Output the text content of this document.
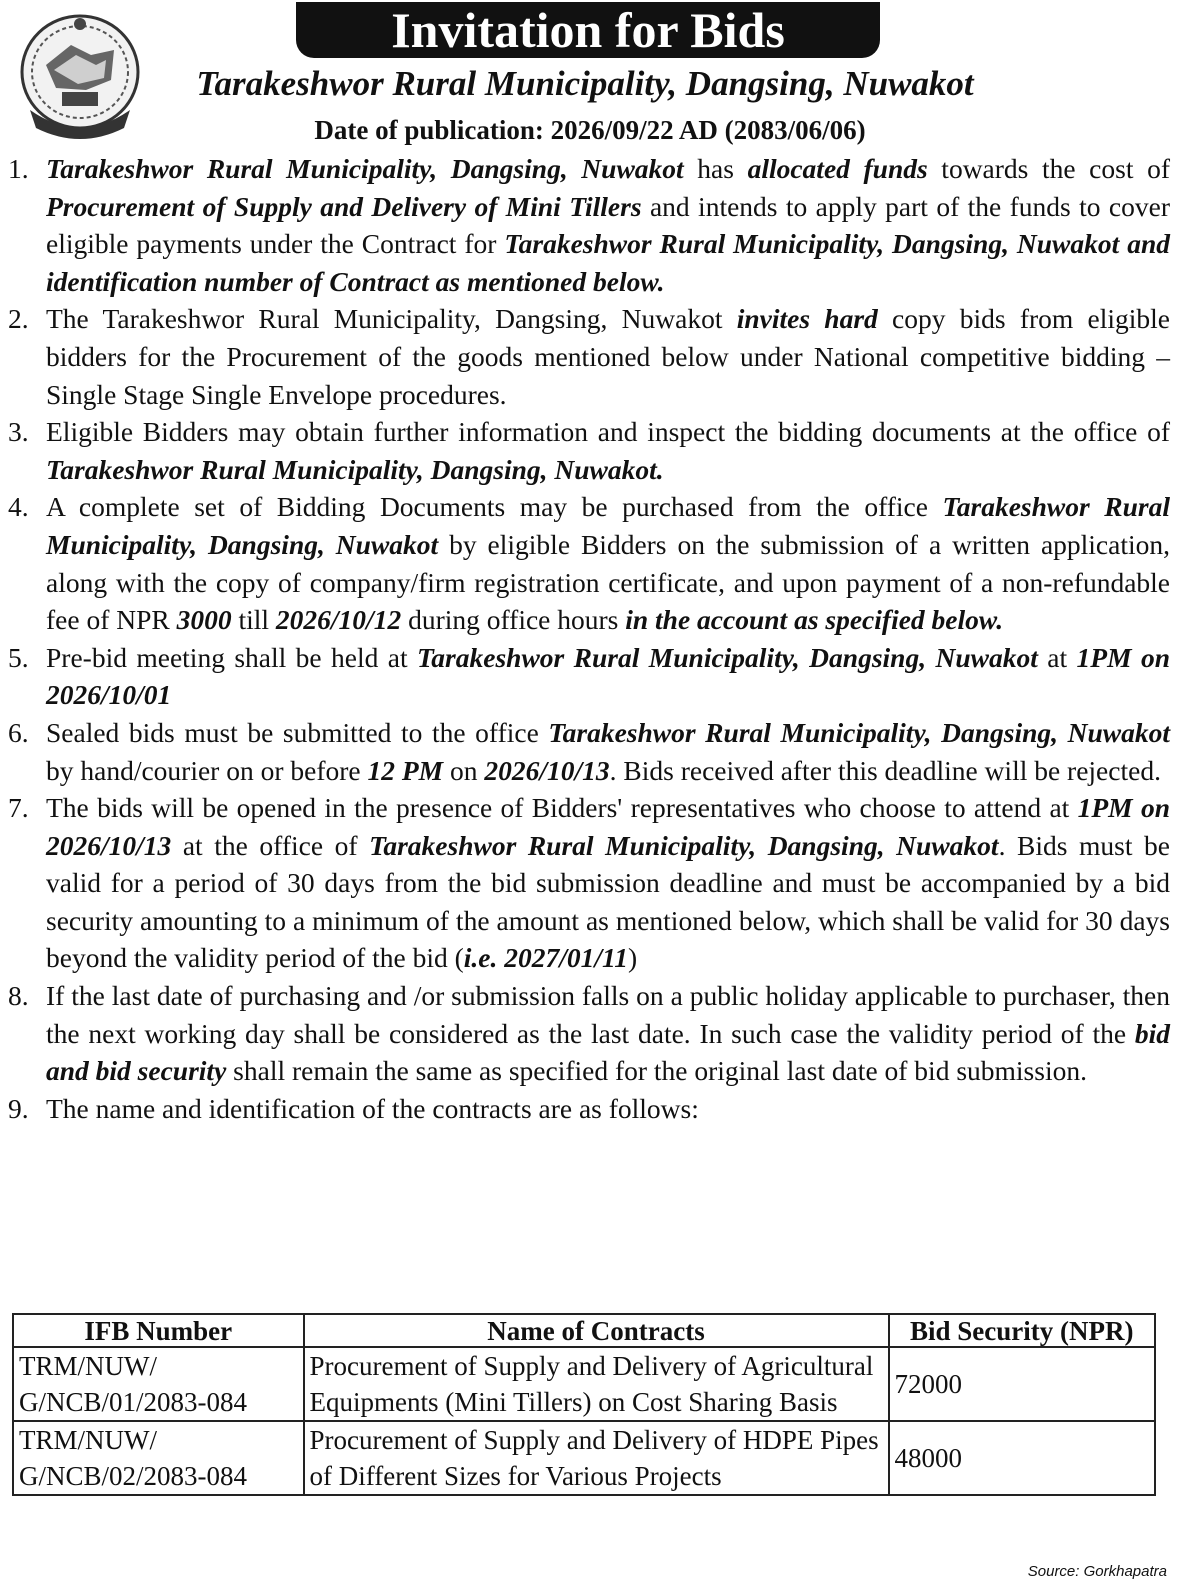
Invitation for Bids
Tarakeshwor Rural Municipality, Dangsing, Nuwakot
Date of publication: 2026/09/22 AD (2083/06/06)
1. Tarakeshwor Rural Municipality, Dangsing, Nuwakot has allocated funds towards the cost of Procurement of Supply and Delivery of Mini Tillers and intends to apply part of the funds to cover eligible payments under the Contract for Tarakeshwor Rural Municipality, Dangsing, Nuwakot and identification number of Contract as mentioned below.
2. The Tarakeshwor Rural Municipality, Dangsing, Nuwakot invites hard copy bids from eligible bidders for the Procurement of the goods mentioned below under National competitive bidding – Single Stage Single Envelope procedures.
3. Eligible Bidders may obtain further information and inspect the bidding documents at the office of Tarakeshwor Rural Municipality, Dangsing, Nuwakot.
4. A complete set of Bidding Documents may be purchased from the office Tarakeshwor Rural Municipality, Dangsing, Nuwakot by eligible Bidders on the submission of a written application, along with the copy of company/firm registration certificate, and upon payment of a non-refundable fee of NPR 3000 till 2026/10/12 during office hours in the account as specified below.
5. Pre-bid meeting shall be held at Tarakeshwor Rural Municipality, Dangsing, Nuwakot at 1PM on 2026/10/01
6. Sealed bids must be submitted to the office Tarakeshwor Rural Municipality, Dangsing, Nuwakot by hand/courier on or before 12 PM on 2026/10/13. Bids received after this deadline will be rejected.
7. The bids will be opened in the presence of Bidders' representatives who choose to attend at 1PM on 2026/10/13 at the office of Tarakeshwor Rural Municipality, Dangsing, Nuwakot. Bids must be valid for a period of 30 days from the bid submission deadline and must be accompanied by a bid security amounting to a minimum of the amount as mentioned below, which shall be valid for 30 days beyond the validity period of the bid (i.e. 2027/01/11)
8. If the last date of purchasing and /or submission falls on a public holiday applicable to purchaser, then the next working day shall be considered as the last date. In such case the validity period of the bid and bid security shall remain the same as specified for the original last date of bid submission.
9. The name and identification of the contracts are as follows:
IFB Number	Name of Contracts	Bid Security (NPR)
TRM/NUW/ G/NCB/01/2083-084	Procurement of Supply and Delivery of Agricultural Equipments (Mini Tillers) on Cost Sharing Basis	72000
TRM/NUW/ G/NCB/02/2083-084	Procurement of Supply and Delivery of HDPE Pipes of Different Sizes for Various Projects	48000
Source: Gorkhapatra
